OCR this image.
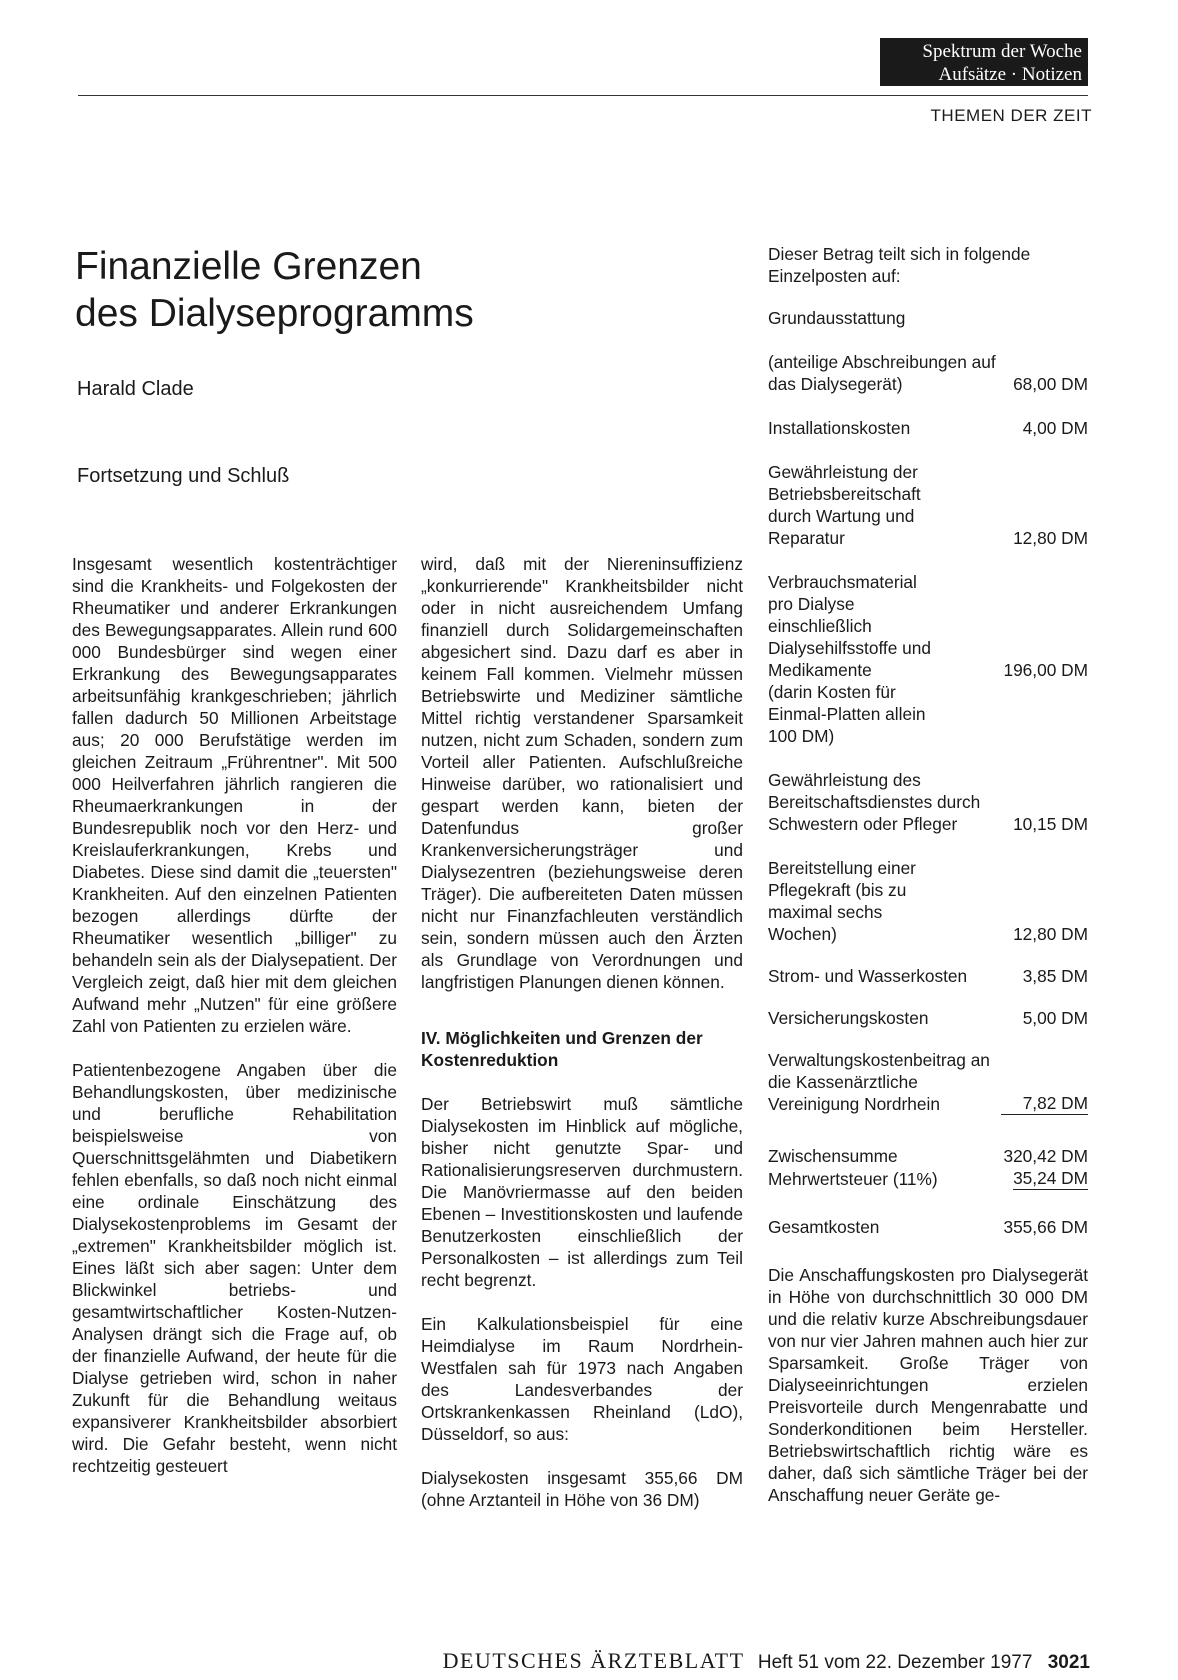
Spektrum der Woche
Aufsätze · Notizen
THEMEN DER ZEIT
Finanzielle Grenzen
des Dialyseprogramms
Harald Clade
Fortsetzung und Schluß

Insgesamt wesentlich kostenträchtiger sind die Krankheits- und Folgekosten der Rheumatiker und anderer Erkrankungen des Bewegungsapparates. Allein rund 600 000 Bundesbürger sind wegen einer Erkrankung des Bewegungsapparates arbeitsunfähig krankgeschrieben; jährlich fallen dadurch 50 Millionen Arbeitstage aus; 20 000 Berufstätige werden im gleichen Zeitraum „Frührentner". Mit 500 000 Heilverfahren jährlich rangieren die Rheumaerkrankungen in der Bundesrepublik noch vor den Herz- und Kreislauferkrankungen, Krebs und Diabetes. Diese sind damit die „teuersten" Krankheiten. Auf den einzelnen Patienten bezogen allerdings dürfte der Rheumatiker wesentlich „billiger" zu behandeln sein als der Dialysepatient. Der Vergleich zeigt, daß hier mit dem gleichen Aufwand mehr „Nutzen" für eine größere Zahl von Patienten zu erzielen wäre.

Patientenbezogene Angaben über die Behandlungskosten, über medizinische und berufliche Rehabilitation beispielsweise von Querschnittsgelähmten und Diabetikern fehlen ebenfalls, so daß noch nicht einmal eine ordinale Einschätzung des Dialysekostenproblems im Gesamt der „extremen" Krankheitsbilder möglich ist. Eines läßt sich aber sagen: Unter dem Blickwinkel betriebs- und gesamtwirtschaftlicher Kosten-Nutzen-Analysen drängt sich die Frage auf, ob der finanzielle Aufwand, der heute für die Dialyse getrieben wird, schon in naher Zukunft für die Behandlung weitaus expansiverer Krankheitsbilder absorbiert wird. Die Gefahr besteht, wenn nicht rechtzeitig gesteuert

wird, daß mit der Niereninsuffizienz „konkurrierende" Krankheitsbilder nicht oder in nicht ausreichendem Umfang finanziell durch Solidargemeinschaften abgesichert sind. Dazu darf es aber in keinem Fall kommen. Vielmehr müssen Betriebswirte und Mediziner sämtliche Mittel richtig verstandener Sparsamkeit nutzen, nicht zum Schaden, sondern zum Vorteil aller Patienten. Aufschlußreiche Hinweise darüber, wo rationalisiert und gespart werden kann, bieten der Datenfundus großer Krankenversicherungsträger und Dialysezentren (beziehungsweise deren Träger). Die aufbereiteten Daten müssen nicht nur Finanzfachleuten verständlich sein, sondern müssen auch den Ärzten als Grundlage von Verordnungen und langfristigen Planungen dienen können.

IV. Möglichkeiten und Grenzen der Kostenreduktion

Der Betriebswirt muß sämtliche Dialysekosten im Hinblick auf mögliche, bisher nicht genutzte Spar- und Rationalisierungsreserven durchmustern. Die Manövriermasse auf den beiden Ebenen – Investitionskosten und laufende Benutzerkosten einschließlich der Personalkosten – ist allerdings zum Teil recht begrenzt.

Ein Kalkulationsbeispiel für eine Heimdialyse im Raum Nordrhein-Westfalen sah für 1973 nach Angaben des Landesverbandes der Ortskrankenkassen Rheinland (LdO), Düsseldorf, so aus:

Dialysekosten insgesamt 355,66 DM (ohne Arztanteil in Höhe von 36 DM)

Dieser Betrag teilt sich in folgende Einzelposten auf:

Grundausstattung
(anteilige Abschreibungen auf das Dialysegerät)	68,00 DM
Installationskosten	4,00 DM
Gewährleistung der Betriebsbereitschaft durch Wartung und Reparatur	12,80 DM
Verbrauchsmaterial pro Dialyse einschließlich Dialysehilfsstoffe und Medikamente	196,00 DM
(darin Kosten für Einmal-Platten allein 100 DM)
Gewährleistung des Bereitschaftsdienstes durch Schwestern oder Pfleger	10,15 DM
Bereitstellung einer Pflegekraft (bis zu maximal sechs Wochen)	12,80 DM
Strom- und Wasserkosten	3,85 DM
Versicherungskosten	5,00 DM
Verwaltungskostenbeitrag an die Kassenärztliche Vereinigung Nordrhein	7,82 DM
Zwischensumme	320,42 DM
Mehrwertsteuer (11%)	35,24 DM
Gesamtkosten	355,66 DM

Die Anschaffungskosten pro Dialysegerät in Höhe von durchschnittlich 30 000 DM und die relativ kurze Abschreibungsdauer von nur vier Jahren mahnen auch hier zur Sparsamkeit. Große Träger von Dialyseeinrichtungen erzielen Preisvorteile durch Mengenrabatte und Sonderkonditionen beim Hersteller. Betriebswirtschaftlich richtig wäre es daher, daß sich sämtliche Träger bei der Anschaffung neuer Geräte ge-

DEUTSCHES ÄRZTEBLATT Heft 51 vom 22. Dezember 1977 3021
